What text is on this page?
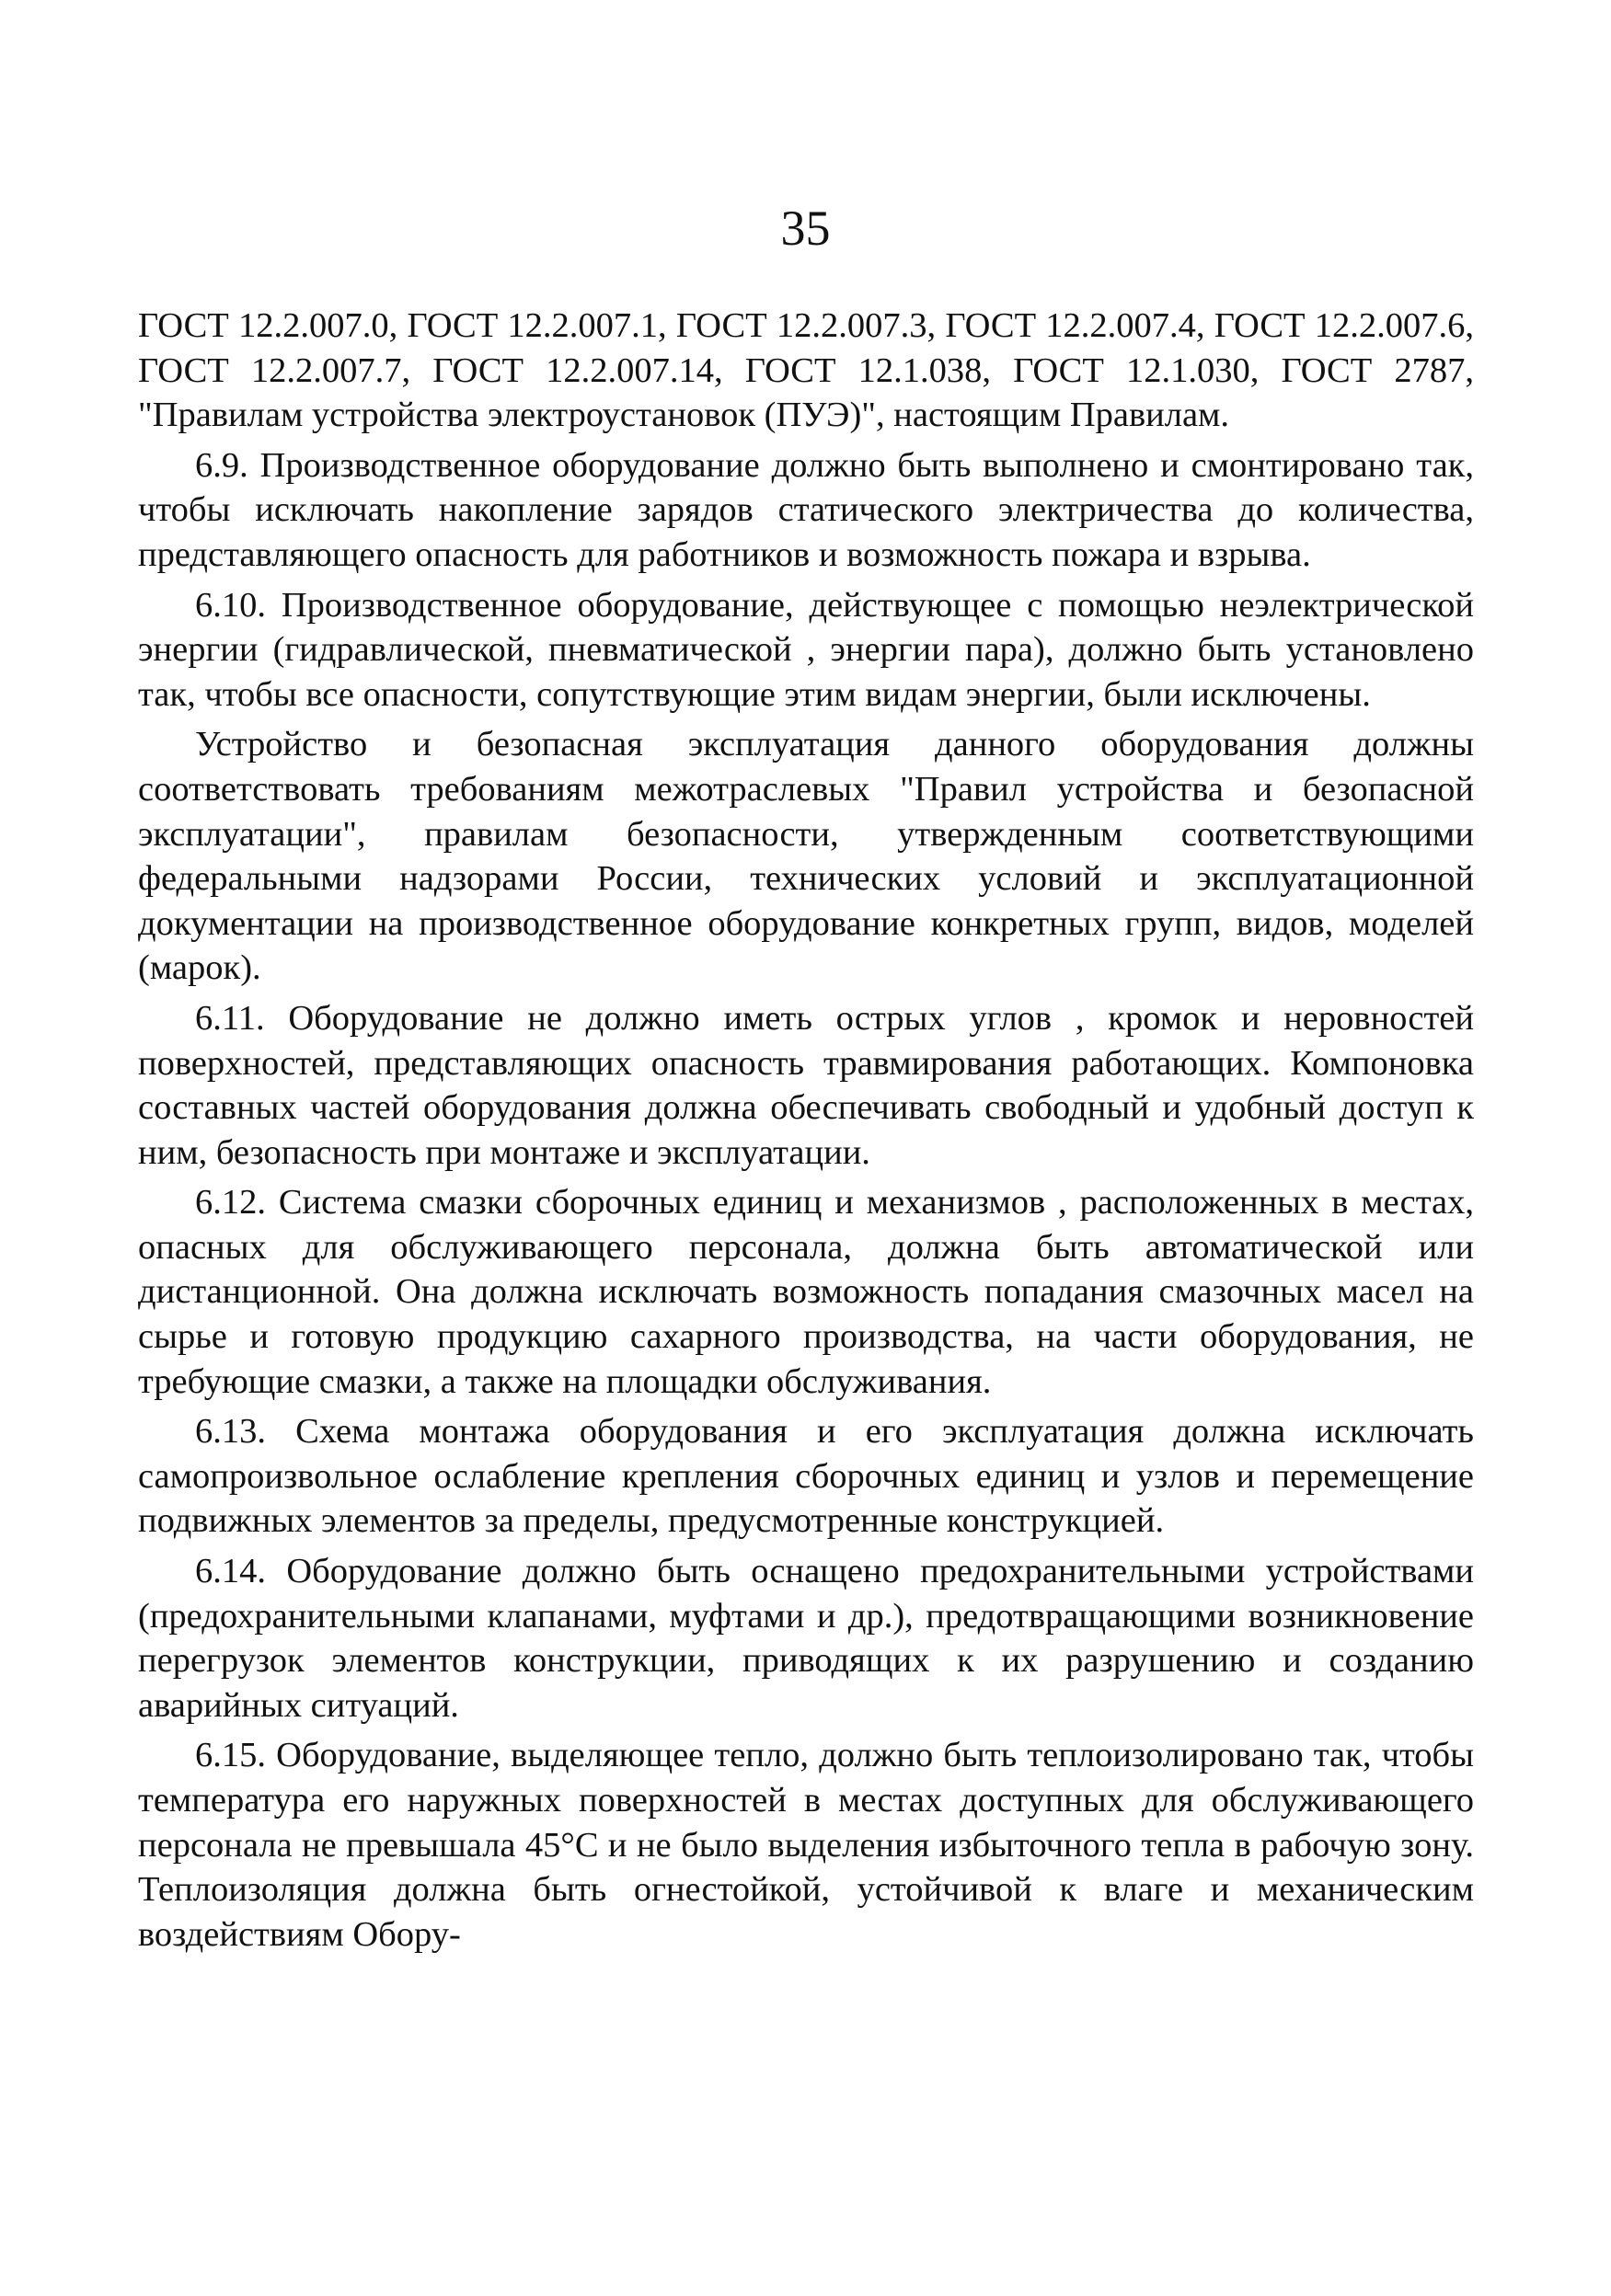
35

ГОСТ 12.2.007.0, ГОСТ 12.2.007.1, ГОСТ 12.2.007.3, ГОСТ 12.2.007.4, ГОСТ 12.2.007.6, ГОСТ 12.2.007.7, ГОСТ 12.2.007.14, ГОСТ 12.1.038, ГОСТ 12.1.030, ГОСТ 2787, "Правилам устройства электроустановок (ПУЭ)", настоящим Правилам.

6.9. Производственное оборудование должно быть выполнено и смонтировано так, чтобы исключать накопление зарядов статического электричества до количества, представляющего опасность для работников и возможность пожара и взрыва.

6.10. Производственное оборудование, действующее с помощью неэлектрической энергии (гидравлической, пневматической , энергии пара), должно быть установлено так, чтобы все опасности, сопутствующие этим видам энергии, были исключены.

Устройство и безопасная эксплуатация данного оборудования должны соответствовать требованиям межотраслевых "Правил устройства и безопасной эксплуатации", правилам безопасности, утвержденным соответствующими федеральными надзорами России, технических условий и эксплуатационной документации на производственное оборудование конкретных групп, видов, моделей (марок).

6.11. Оборудование не должно иметь острых углов , кромок и неровностей поверхностей, представляющих опасность травмирования работающих. Компоновка составных частей оборудования должна обеспечивать свободный и удобный доступ к ним, безопасность при монтаже и эксплуатации.

6.12. Система смазки сборочных единиц и механизмов , расположенных в местах, опасных для обслуживающего персонала, должна быть автоматической или дистанционной. Она должна исключать возможность попадания смазочных масел на сырье и готовую продукцию сахарного производства, на части оборудования, не требующие смазки, а также на площадки обслуживания.

6.13. Схема монтажа оборудования и его эксплуатация должна исключать самопроизвольное ослабление крепления сборочных единиц и узлов и перемещение подвижных элементов за пределы, предусмотренные конструкцией.

6.14. Оборудование должно быть оснащено предохранительными устройствами (предохранительными клапанами, муфтами и др.), предотвращающими возникновение перегрузок элементов конструкции, приводящих к их разрушению и созданию аварийных ситуаций.

6.15. Оборудование, выделяющее тепло, должно быть теплоизолировано так, чтобы температура его наружных поверхностей в местах доступных для обслуживающего персонала не превышала 45°С и не было выделения избыточного тепла в рабочую зону. Теплоизоляция должна быть огнестойкой, устойчивой к влаге и механическим воздействиям Обору-
